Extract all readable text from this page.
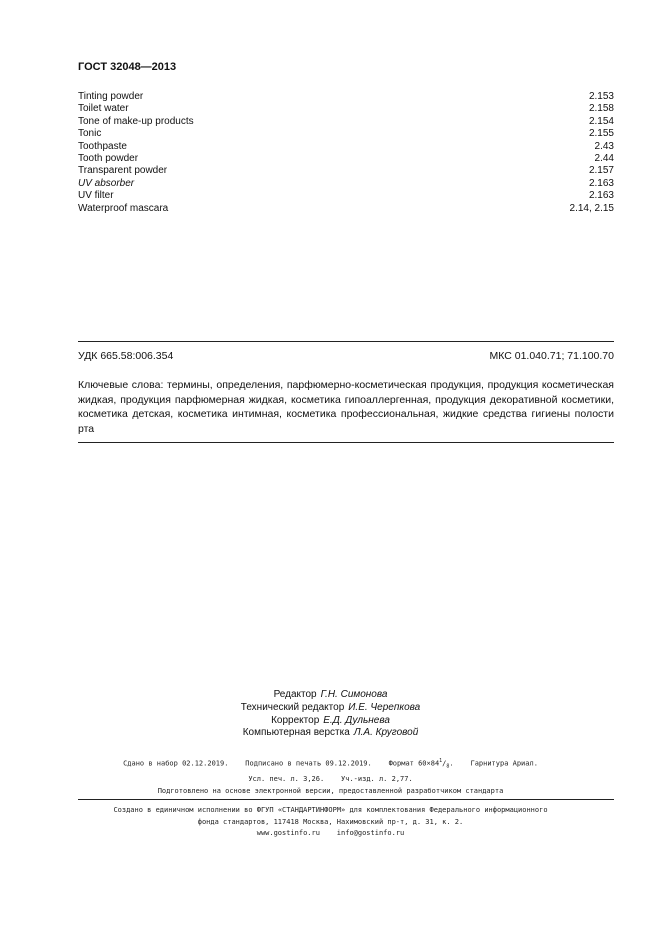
ГОСТ 32048—2013
Tinting powder	2.153
Toilet water	2.158
Tone of make-up products	2.154
Tonic	2.155
Toothpaste	2.43
Tooth powder	2.44
Transparent powder	2.157
UV absorber	2.163
UV filter	2.163
Waterproof mascara	2.14, 2.15
УДК 665.58:006.354	МКС 01.040.71; 71.100.70
Ключевые слова: термины, определения, парфюмерно-косметическая продукция, продукция косметическая жидкая, продукция парфюмерная жидкая, косметика гипоаллергенная, продукция декоративной косметики, косметика детская, косметика интимная, косметика профессиональная, жидкие средства гигиены полости рта
Редактор Г.Н. Симонова
Технический редактор И.Е. Черепкова
Корректор Е.Д. Дульнева
Компьютерная верстка Л.А. Круговой
Сдано в набор 02.12.2019.    Подписано в печать 09.12.2019.    Формат $60\times 84^1/_8$.    Гарнитура Ариал.
Усл. печ. л. 3,26.    Уч.-изд. л. 2,77.
Подготовлено на основе электронной версии, предоставленной разработчиком стандарта
Создано в единичном исполнении во ФГУП «СТАНДАРТИНФОРМ» для комплектования Федерального информационного
фонда стандартов, 117418 Москва, Нахимовский пр-т, д. 31, к. 2.
www.gostinfo.ru    info@gostinfo.ru
